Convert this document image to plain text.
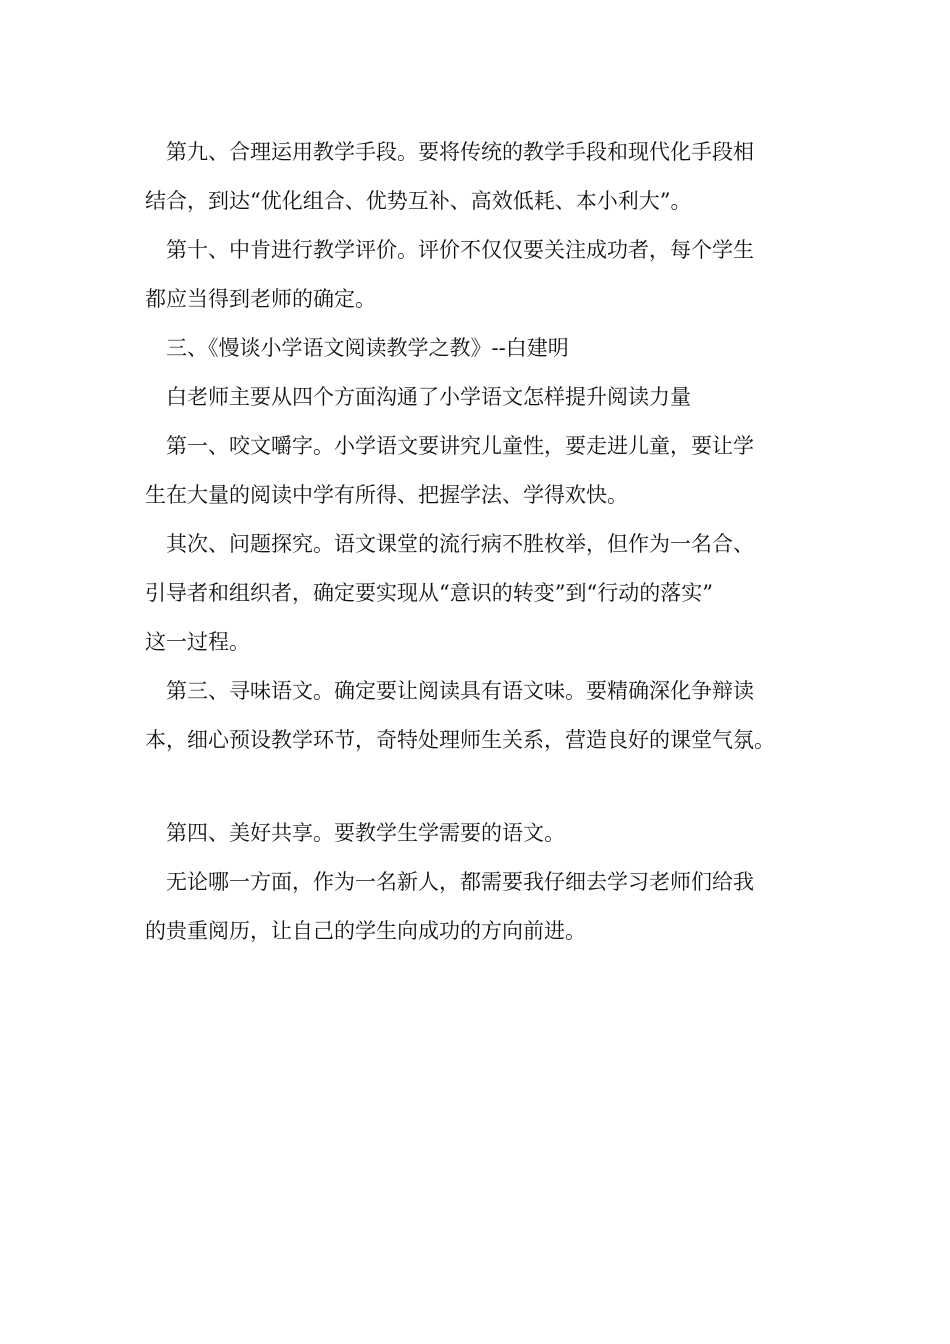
第九、合理运用教学手段。要将传统的教学手段和现代化手段相
结合，到达“优化组合、优势互补、高效低耗、本小利大”。
第十、中肯进行教学评价。评价不仅仅要关注成功者，每个学生
都应当得到老师的确定。
三、《慢谈小学语文阅读教学之教》--白建明
白老师主要从四个方面沟通了小学语文怎样提升阅读力量
第一、咬文嚼字。小学语文要讲究儿童性，要走进儿童，要让学
生在大量的阅读中学有所得、把握学法、学得欢快。
其次、问题探究。语文课堂的流行病不胜枚举，但作为一名合、
引导者和组织者，确定要实现从“意识的转变”到“行动的落实”
这一过程。
第三、寻味语文。确定要让阅读具有语文味。要精确深化争辩读
本，细心预设教学环节，奇特处理师生关系，营造良好的课堂气氛。
第四、美好共享。要教学生学需要的语文。
无论哪一方面，作为一名新人，都需要我仔细去学习老师们给我
的贵重阅历，让自己的学生向成功的方向前进。
